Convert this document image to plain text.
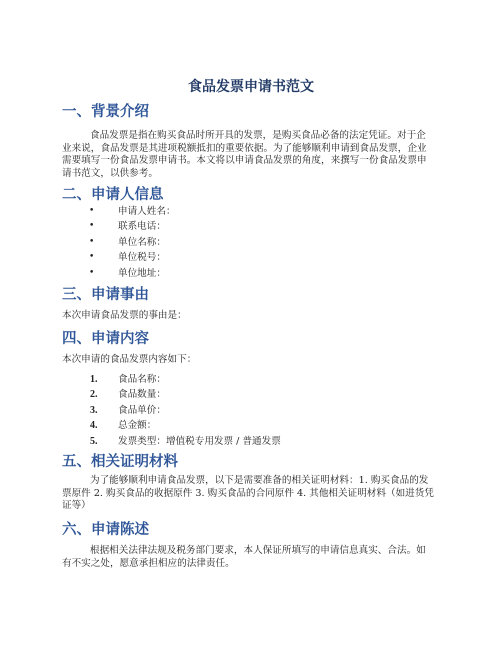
食品发票申请书范文
一、背景介绍

食品发票是指在购买食品时所开具的发票，是购买食品必备的法定凭证。对于企业来说，食品发票是其进项税额抵扣的重要依据。为了能够顺利申请到食品发票，企业需要填写一份食品发票申请书。本文将以申请食品发票的角度，来撰写一份食品发票申请书范文，以供参考。

二、申请人信息
• 申请人姓名：
• 联系电话：
• 单位名称：
• 单位税号：
• 单位地址：
三、申请事由

本次申请食品发票的事由是：

四、申请内容

本次申请的食品发票内容如下：

1. 食品名称：
2. 食品数量：
3. 食品单价：
4. 总金额：
5. 发票类型：增值税专用发票 / 普通发票
五、相关证明材料

为了能够顺利申请食品发票，以下是需要准备的相关证明材料：1. 购买食品的发票原件 2. 购买食品的收据原件 3. 购买食品的合同原件 4. 其他相关证明材料（如进货凭证等）

六、申请陈述

根据相关法律法规及税务部门要求，本人保证所填写的申请信息真实、合法。如有不实之处，愿意承担相应的法律责任。
